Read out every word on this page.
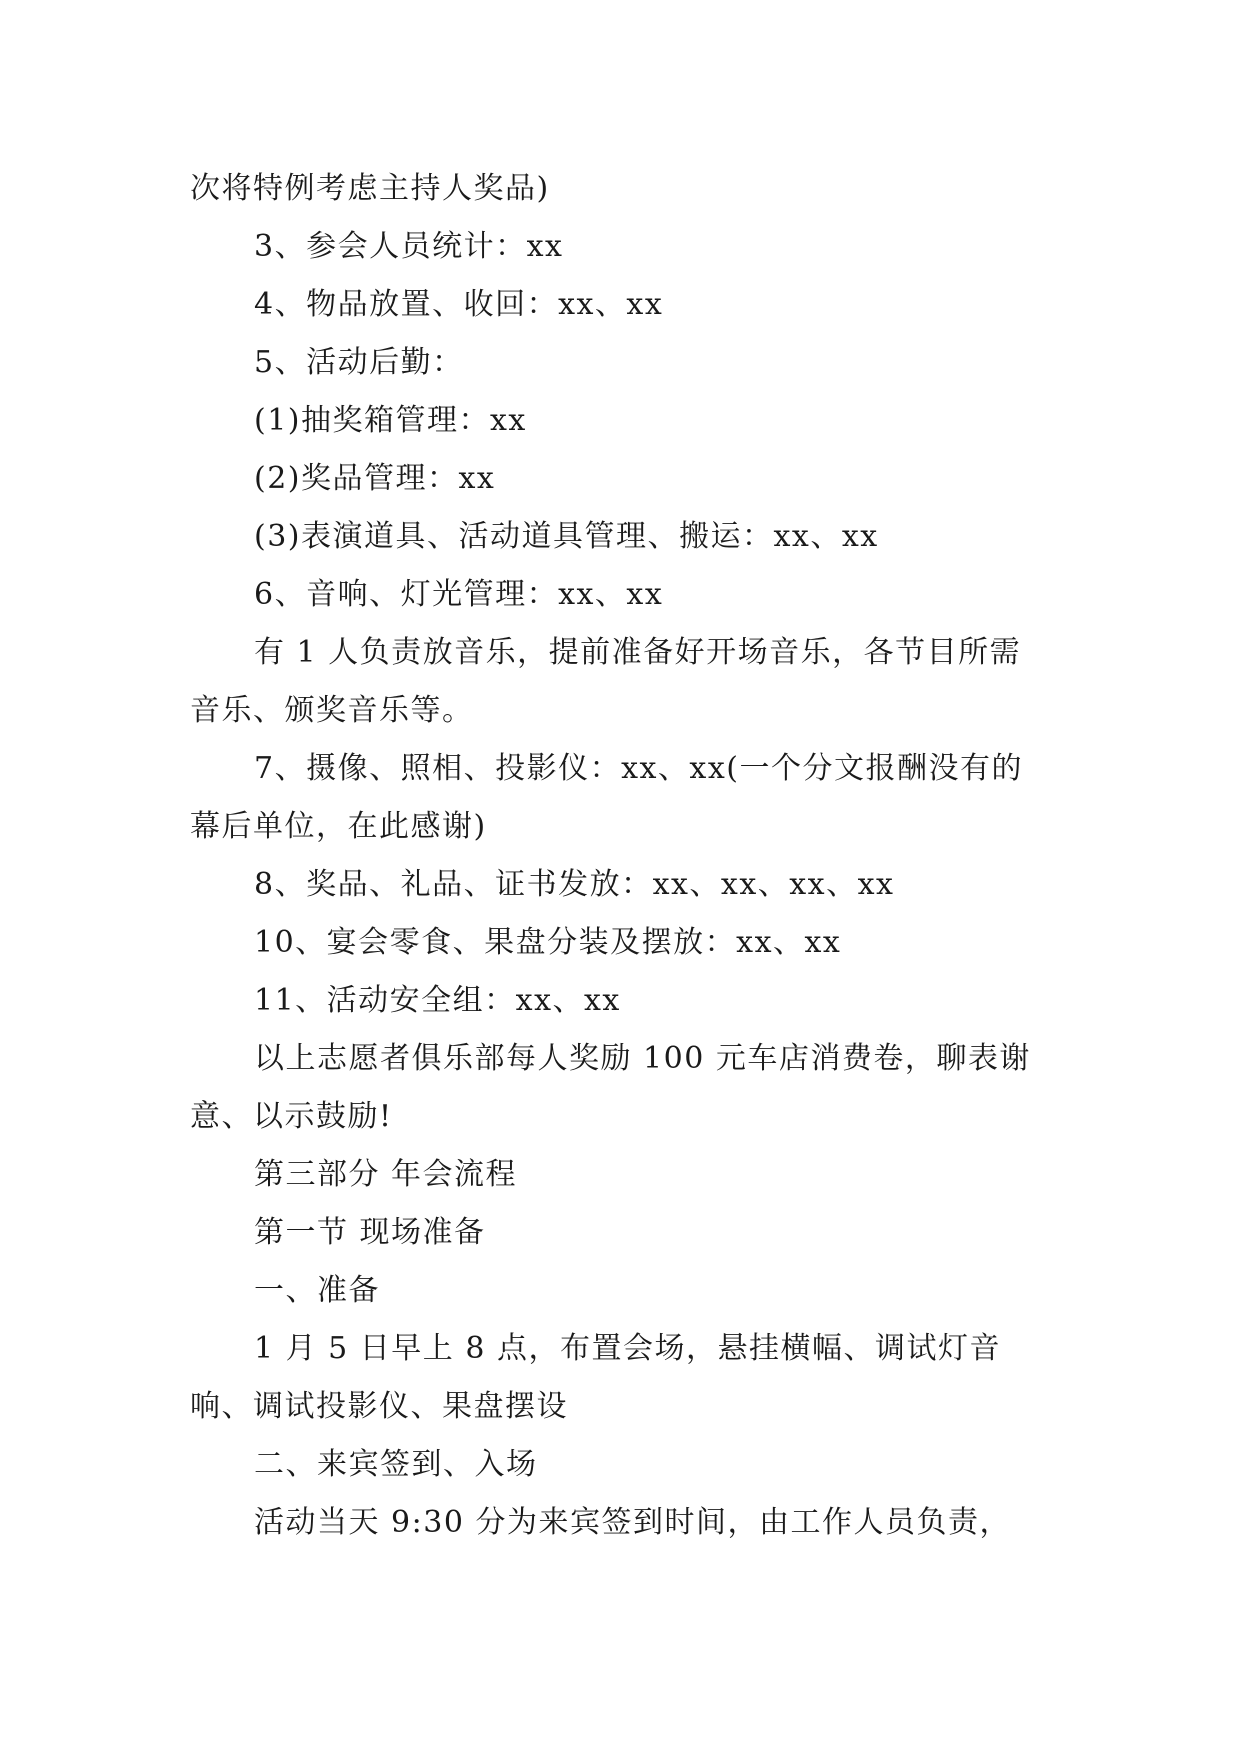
次将特例考虑主持人奖品)

3、参会人员统计：xx

4、物品放置、收回：xx、xx

5、活动后勤：

(1)抽奖箱管理：xx

(2)奖品管理：xx

(3)表演道具、活动道具管理、搬运：xx、xx

6、音响、灯光管理：xx、xx

有 1 人负责放音乐，提前准备好开场音乐，各节目所需音乐、颁奖音乐等。

7、摄像、照相、投影仪：xx、xx(一个分文报酬没有的幕后单位，在此感谢)

8、奖品、礼品、证书发放：xx、xx、xx、xx

10、宴会零食、果盘分装及摆放：xx、xx

11、活动安全组：xx、xx

以上志愿者俱乐部每人奖励 100 元车店消费卷，聊表谢意、以示鼓励!

第三部分 年会流程

第一节 现场准备

一、准备

1 月 5 日早上 8 点，布置会场，悬挂横幅、调试灯音响、调试投影仪、果盘摆设

二、来宾签到、入场

活动当天 9:30 分为来宾签到时间，由工作人员负责，
